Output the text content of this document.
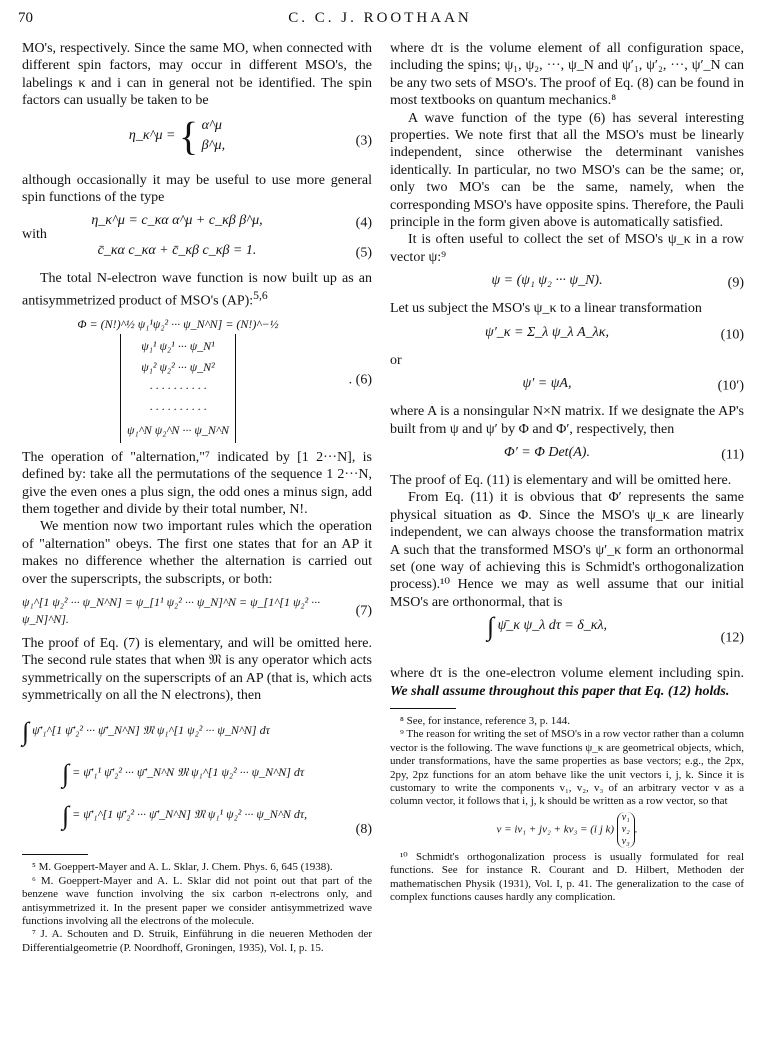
70	C. C. J. ROOTHAAN

MO's, respectively. Since the same MO, when connected with different spin factors, may occur in different MSO's, the labelings κ and i can in general not be identified. The spin factors can usually be taken to be

η_κ^μ = { α^μ
β^μ,	(3)

although occasionally it may be useful to use more general spin functions of the type

η_κ^μ = c_κα α^μ + c_κβ β^μ,	(4)

with

c̄_κα c_κα + c̄_κβ c_κβ = 1.	(5)

The total N-electron wave function is now built up as an antisymmetrized product of MSO's (AP):$^{5,6}$

Φ = (N!)^½ ψ₁¹ψ₂² ··· ψ_N^N] = (N!)^−½ ψ₁¹ ψ₂¹ ··· ψ_N¹
ψ₁² ψ₂² ··· ψ_N²
· · · · · · · · · ·
· · · · · · · · · ·
ψ₁^N ψ₂^N ··· ψ_N^N
. (6)

The operation of "alternation,"⁷ indicated by [1 2···N], is defined by: take all the permutations of the sequence 1 2···N, give the even ones a plus sign, the odd ones a minus sign, add them together and divide by their total number, N!.

We mention now two important rules which the operation of "alternation" obeys. The first one states that for an AP it makes no difference whether the alternation is carried out over the superscripts, the subscripts, or both:

ψ₁^[1 ψ₂² ··· ψ_N^N] = ψ_[1¹ ψ₂² ··· ψ_N]^N = ψ_[1^[1 ψ₂² ··· ψ_N]^N].
(7)

The proof of Eq. (7) is elementary, and will be omitted here. The second rule states that when 𝔐 is any operator which acts symmetrically on the superscripts of an AP (that is, which acts symmetrically on all the N electrons), then

∫ ψ̄′₁^[1 ψ̄′₂² ··· ψ̄′_N^N] 𝔐 ψ₁^[1 ψ₂² ··· ψ_N^N] dτ
∫ = ψ̄′₁¹ ψ̄′₂² ··· ψ̄′_N^N 𝔐 ψ₁^[1 ψ₂² ··· ψ_N^N] dτ
∫ = ψ̄′₁^[1 ψ̄′₂² ··· ψ̄′_N^N] 𝔐 ψ₁¹ ψ₂² ··· ψ_N^N dτ,
(8)

⁵ M. Goeppert-Mayer and A. L. Sklar, J. Chem. Phys. 6, 645 (1938).

⁶ M. Goeppert-Mayer and A. L. Sklar did not point out that part of the benzene wave function involving the six carbon π-electrons only, and antisymmetrized it. In the present paper we consider antisymmetrized wave functions involving all the electrons of the molecule.

⁷ J. A. Schouten and D. Struik, Einführung in die neueren Methoden der Differentialgeometrie (P. Noordhoff, Groningen, 1935), Vol. I, p. 15.

where dτ is the volume element of all configuration space, including the spins; ψ₁, ψ₂, ···, ψ_N and ψ′₁, ψ′₂, ···, ψ′_N can be any two sets of MSO's. The proof of Eq. (8) can be found in most textbooks on quantum mechanics.⁸

A wave function of the type (6) has several interesting properties. We note first that all the MSO's must be linearly independent, since otherwise the determinant vanishes identically. In particular, no two MSO's can be the same; or, only two MO's can be the same, namely, when the corresponding MSO's have opposite spins. Therefore, the Pauli principle in the form given above is automatically satisfied.

It is often useful to collect the set of MSO's ψ_κ in a row vector ψ:⁹

ψ = (ψ₁ ψ₂ ··· ψ_N).	(9)

Let us subject the MSO's ψ_κ to a linear transformation

ψ′_κ = Σ_λ ψ_λ A_λκ,	(10)

or

ψ′ = ψA,	(10′)

where A is a nonsingular N×N matrix. If we designate the AP's built from ψ and ψ′ by Φ and Φ′, respectively, then

Φ′ = Φ Det(A).	(11)

The proof of Eq. (11) is elementary and will be omitted here.

From Eq. (11) it is obvious that Φ′ represents the same physical situation as Φ. Since the MSO's ψ_κ are linearly independent, we can always choose the transformation matrix A such that the transformed MSO's ψ′_κ form an orthonormal set (one way of achieving this is Schmidt's orthogonalization process).¹⁰ Hence we may as well assume that our initial MSO's are orthonormal, that is

∫ ψ̄_κ ψ_λ dτ = δ_κλ,
(12)

where dτ is the one-electron volume element including spin. We shall assume throughout this paper that Eq. (12) holds.

⁸ See, for instance, reference 3, p. 144.

⁹ The reason for writing the set of MSO's in a row vector rather than a column vector is the following. The wave functions ψ_κ are geometrical objects, which, under transformations, have the same properties as base vectors; e.g., the 2px, 2py, 2pz functions for an atom behave like the unit vectors i, j, k. Since it is customary to write the components v₁, v₂, v₃ of an arbitrary vector v as a column vector, it follows that i, j, k should be written as a row vector, so that

v = iv₁ + jv₂ + kv₃ = (i j k) v₁
v₂
v₃.

¹⁰ Schmidt's orthogonalization process is usually formulated for real functions. See for instance R. Courant and D. Hilbert, Methoden der mathematischen Physik (1931), Vol. I, p. 41. The generalization to the case of complex functions causes hardly any complication.
